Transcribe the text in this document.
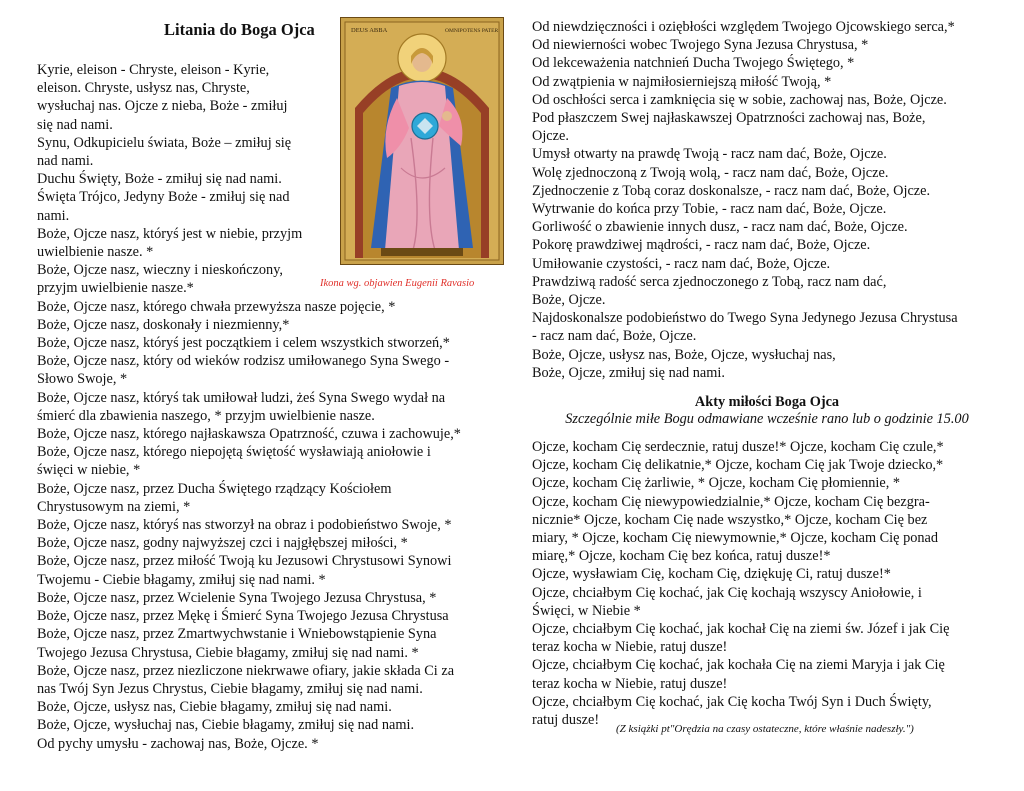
Litania do Boga Ojca
Kyrie, eleison - Chryste, eleison - Kyrie,
eleison. Chryste, usłysz nas, Chryste,
wysłuchaj nas. Ojcze z nieba, Boże - zmiłuj
się nad nami.
Synu, Odkupicielu świata, Boże – zmiłuj się
nad nami.
Duchu Święty, Boże - zmiłuj się nad nami.
Święta Trójco, Jedyny Boże - zmiłuj się nad
nami.
Boże, Ojcze nasz, któryś jest w niebie, przyjm
uwielbienie nasze. *
Boże, Ojcze nasz, wieczny i nieskończony,
przyjm uwielbienie nasze.*
Boże, Ojcze nasz, którego chwała przewyższa nasze pojęcie, *
Boże, Ojcze nasz, doskonały i niezmienny,*
Boże, Ojcze nasz, któryś jest początkiem i celem wszystkich stworzeń,*
Boże, Ojcze nasz, który od wieków rodzisz umiłowanego Syna Swego -
Słowo Swoje, *
Boże, Ojcze nasz, któryś tak umiłował ludzi, żeś Syna Swego wydał na
śmierć dla zbawienia naszego, * przyjm uwielbienie nasze.
Boże, Ojcze nasz, którego najłaskawsza Opatrzność, czuwa i zachowuje,*
Boże, Ojcze nasz, którego niepojętą świętość wysławiają aniołowie i
święci w niebie, *
Boże, Ojcze nasz, przez Ducha Świętego rządzący Kościołem
Chrystusowym na ziemi, *
Boże, Ojcze nasz, któryś nas stworzył na obraz i podobieństwo Swoje, *
Boże, Ojcze nasz, godny najwyższej czci i najgłębszej miłości, *
Boże, Ojcze nasz, przez miłość Twoją ku Jezusowi Chrystusowi Synowi
Twojemu - Ciebie błagamy, zmiłuj się nad nami. *
Boże, Ojcze nasz, przez Wcielenie Syna Twojego Jezusa Chrystusa, *
Boże, Ojcze nasz, przez Mękę i Śmierć Syna Twojego Jezusa Chrystusa
Boże, Ojcze nasz, przez Zmartwychwstanie i Wniebowstąpienie Syna
Twojego Jezusa Chrystusa, Ciebie błagamy, zmiłuj się nad nami. *
Boże, Ojcze nasz, przez niezliczone niekrwawe ofiary, jakie składa Ci za
nas Twój Syn Jezus Chrystus, Ciebie błagamy, zmiłuj się nad nami.
Boże, Ojcze, usłysz nas, Ciebie błagamy, zmiłuj się nad nami.
Boże, Ojcze, wysłuchaj nas, Ciebie błagamy, zmiłuj się nad nami.
Od pychy umysłu - zachowaj nas, Boże, Ojcze. *
DEUS ABBA	OMNIPOTENS PATER
Ikona wg. objawien Eugenii Ravasio
Od niewdzięczności i oziębłości względem Twojego Ojcowskiego serca,*
Od niewierności wobec Twojego Syna Jezusa Chrystusa, *
Od lekceważenia natchnień Ducha Twojego Świętego, *
Od zwątpienia w najmiłosierniejszą miłość Twoją, *
Od oschłości serca i zamknięcia się w sobie, zachowaj nas, Boże, Ojcze.
Pod płaszczem Swej najłaskawszej Opatrzności zachowaj nas, Boże,
Ojcze.
Umysł otwarty na prawdę Twoją - racz nam dać, Boże, Ojcze.
Wolę zjednoczoną z Twoją wolą, - racz nam dać, Boże, Ojcze.
Zjednoczenie z Tobą coraz doskonalsze, - racz nam dać, Boże, Ojcze.
Wytrwanie do końca przy Tobie, - racz nam dać, Boże, Ojcze.
Gorliwość o zbawienie innych dusz, - racz nam dać, Boże, Ojcze.
Pokorę prawdziwej mądrości, - racz nam dać, Boże, Ojcze.
Umiłowanie czystości, - racz nam dać, Boże, Ojcze.
Prawdziwą radość serca zjednoczonego z Tobą, racz nam dać,
Boże, Ojcze.
Najdoskonalsze podobieństwo do Twego Syna Jedynego Jezusa Chrystusa
- racz nam dać, Boże, Ojcze.
Boże, Ojcze, usłysz nas, Boże, Ojcze, wysłuchaj nas,
Boże, Ojcze, zmiłuj się nad nami.
Akty miłości Boga Ojca

Szczególnie miłe Bogu odmawiane wcześnie rano lub o godzinie 15.00

Ojcze, kocham Cię serdecznie, ratuj dusze!* Ojcze, kocham Cię czule,*
Ojcze, kocham Cię delikatnie,* Ojcze, kocham Cię jak Twoje dziecko,*
Ojcze, kocham Cię żarliwie, * Ojcze, kocham Cię płomiennie, *
Ojcze, kocham Cię niewypowiedzialnie,* Ojcze, kocham Cię bezgra-
nicznie* Ojcze, kocham Cię nade wszystko,* Ojcze, kocham Cię bez
miary, * Ojcze, kocham Cię niewymownie,* Ojcze, kocham Cię ponad
miarę,* Ojcze, kocham Cię bez końca, ratuj dusze!*
Ojcze, wysławiam Cię, kocham Cię, dziękuję Ci, ratuj dusze!*
Ojcze, chciałbym Cię kochać, jak Cię kochają wszyscy Aniołowie, i
Święci, w Niebie *
Ojcze, chciałbym Cię kochać, jak kochał Cię na ziemi św. Józef i jak Cię
teraz kocha w Niebie, ratuj dusze!
Ojcze, chciałbym Cię kochać, jak kochała Cię na ziemi Maryja i jak Cię
teraz kocha w Niebie, ratuj dusze!
Ojcze, chciałbym Cię kochać, jak Cię kocha Twój Syn i Duch Święty,
ratuj dusze!
(Z książki pt"Orędzia na czasy ostateczne, które właśnie nadeszły.")
